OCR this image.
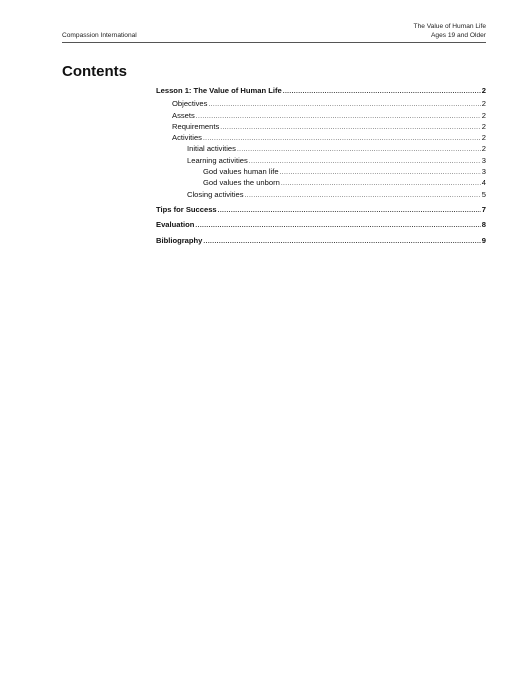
Compassion International
The Value of Human Life
Ages 19 and Older
Contents
Lesson 1: The Value of Human Life .....	2
Objectives .....	2
Assets .....	2
Requirements .....	2
Activities .....	2
Initial activities .....	2
Learning activities .....	3
God values human life .....	3
God values the unborn .....	4
Closing activities .....	5
Tips for Success .....	7
Evaluation .....	8
Bibliography .....	9
